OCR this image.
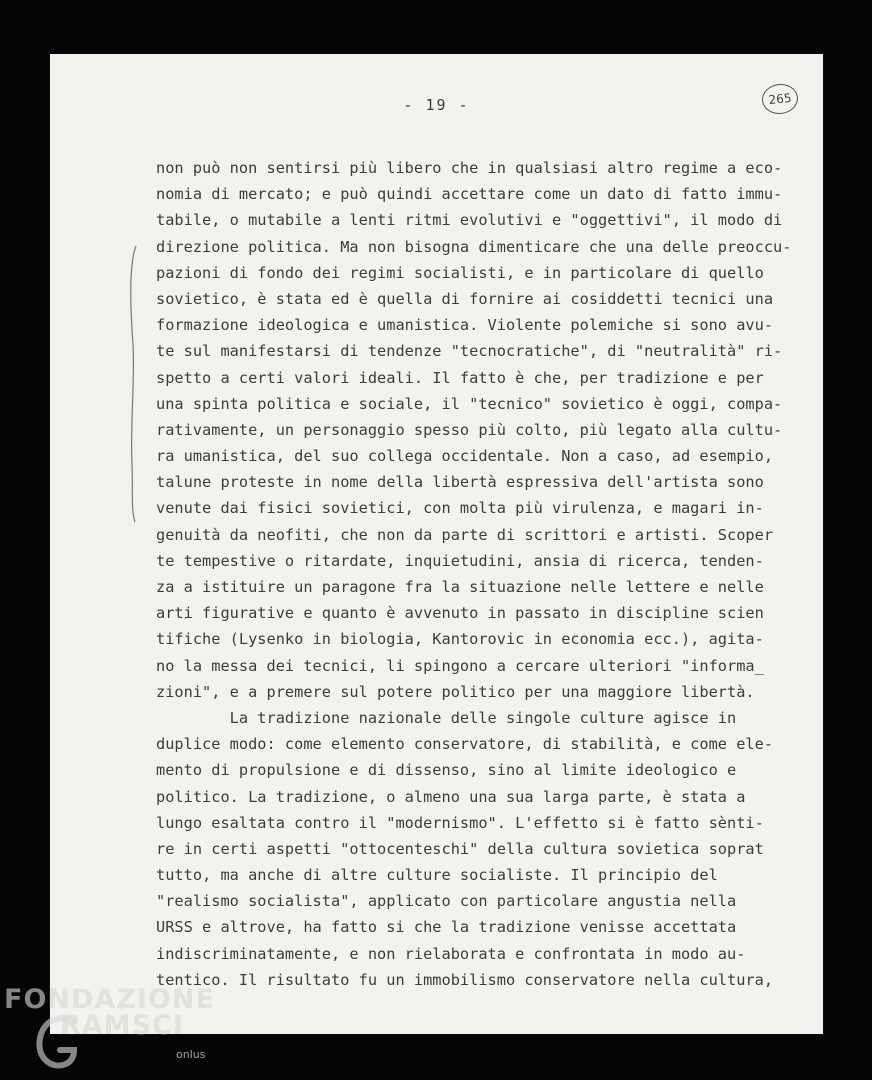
- 19 -	265
non può non sentirsi più libero che in qualsiasi altro regime a eco-
nomia di mercato; e può quindi accettare come un dato di fatto immu-
tabile, o mutabile a lenti ritmi evolutivi e "oggettivi", il modo di
direzione politica. Ma non bisogna dimenticare che una delle preoccu-
pazioni di fondo dei regimi socialisti, e in particolare di quello
sovietico, è stata ed è quella di fornire ai cosiddetti tecnici una
formazione ideologica e umanistica. Violente polemiche si sono avu-
te sul manifestarsi di tendenze "tecnocratiche", di "neutralità" ri-
spetto a certi valori ideali. Il fatto è che, per tradizione e per
una spinta politica e sociale, il "tecnico" sovietico è oggi, compa-
rativamente, un personaggio spesso più colto, più legato alla cultu-
ra umanistica, del suo collega occidentale. Non a caso, ad esempio,
talune proteste in nome della libertà espressiva dell'artista sono
venute dai fisici sovietici, con molta più virulenza, e magari in-
genuità da neofiti, che non da parte di scrittori e artisti. Scoper
te tempestive o ritardate, inquietudini, ansia di ricerca, tenden-
za a istituire un paragone fra la situazione nelle lettere e nelle
arti figurative e quanto è avvenuto in passato in discipline scien
tifiche (Lysenko in biologia, Kantorovic in economia ecc.), agita-
no la messa dei tecnici, li spingono a cercare ulteriori "informa_
zioni", e a premere sul potere politico per una maggiore libertà.
La tradizione nazionale delle singole culture agisce in
duplice modo: come elemento conservatore, di stabilità, e come ele-
mento di propulsione e di dissenso, sino al limite ideologico e
politico. La tradizione, o almeno una sua larga parte, è stata a
lungo esaltata contro il "modernismo". L'effetto si è fatto sènti-
re in certi aspetti "ottocenteschi" della cultura sovietica soprat
tutto, ma anche di altre culture socialiste. Il principio del
"realismo socialista", applicato con particolare angustia nella
URSS e altrove, ha fatto si che la tradizione venisse accettata
indiscriminatamente, e non rielaborata e confrontata in modo au-
tentico. Il risultato fu un immobilismo conservatore nella cultura,
FONDAZIONE
RAMSCI
onlus
